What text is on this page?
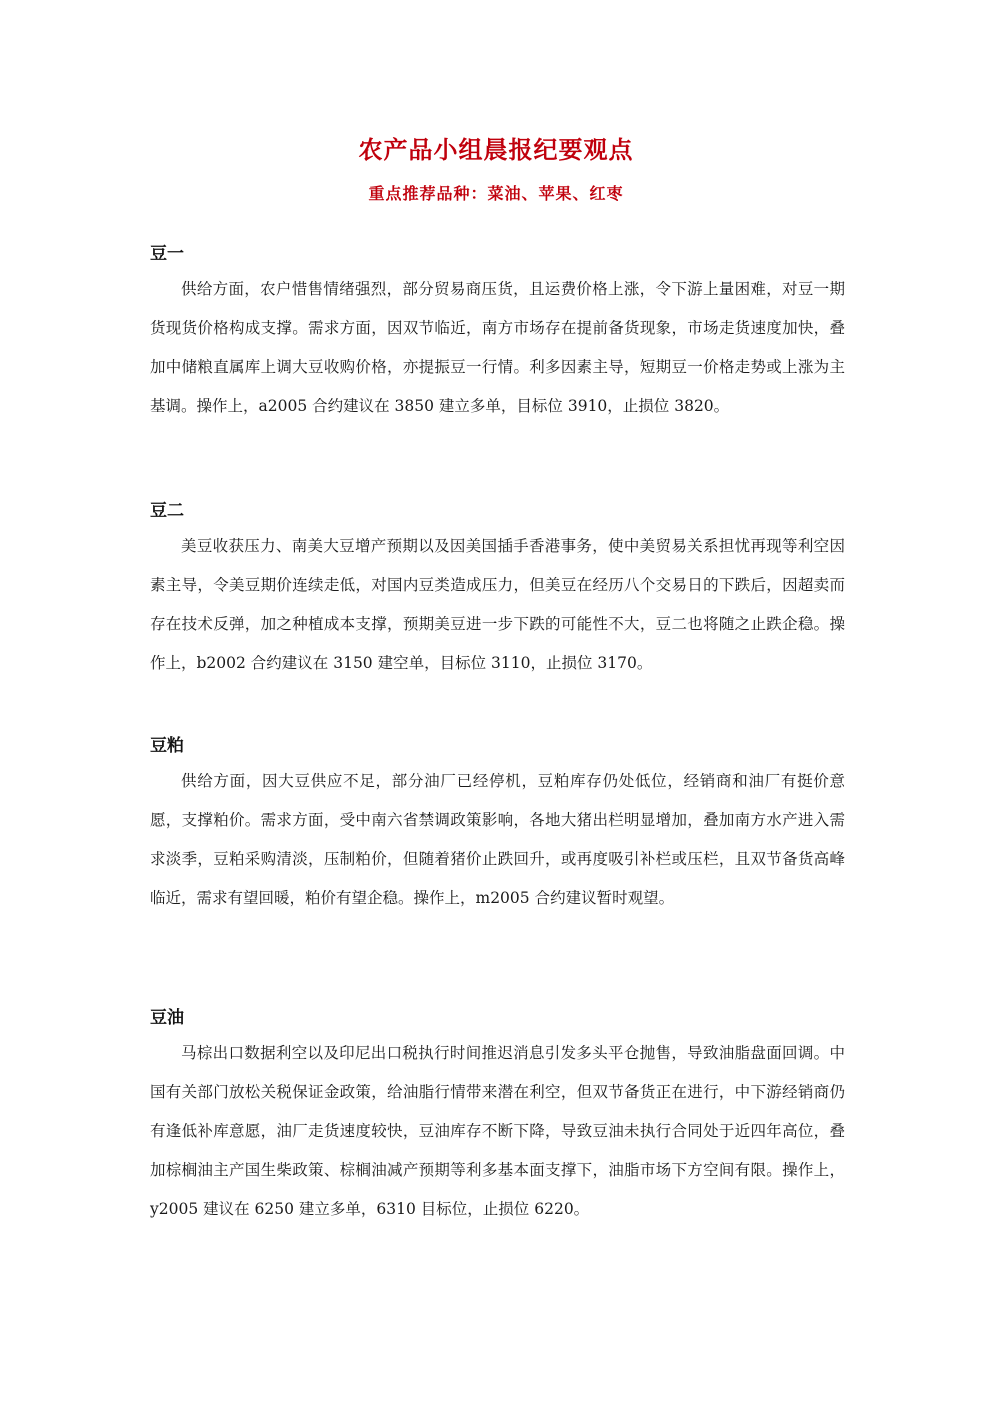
农产品小组晨报纪要观点
重点推荐品种：菜油、苹果、红枣
豆一

供给方面，农户惜售情绪强烈，部分贸易商压货，且运费价格上涨，令下游上量困难，对豆一期货现货价格构成支撑。需求方面，因双节临近，南方市场存在提前备货现象，市场走货速度加快，叠加中储粮直属库上调大豆收购价格，亦提振豆一行情。利多因素主导，短期豆一价格走势或上涨为主基调。操作上，a2005 合约建议在 3850 建立多单，目标位 3910，止损位 3820。

豆二

美豆收获压力、南美大豆增产预期以及因美国插手香港事务，使中美贸易关系担忧再现等利空因素主导，令美豆期价连续走低，对国内豆类造成压力，但美豆在经历八个交易日的下跌后，因超卖而存在技术反弹，加之种植成本支撑，预期美豆进一步下跌的可能性不大，豆二也将随之止跌企稳。操作上，b2002 合约建议在 3150 建空单，目标位 3110，止损位 3170。

豆粕

供给方面，因大豆供应不足，部分油厂已经停机，豆粕库存仍处低位，经销商和油厂有挺价意愿，支撑粕价。需求方面，受中南六省禁调政策影响，各地大猪出栏明显增加，叠加南方水产进入需求淡季，豆粕采购清淡，压制粕价，但随着猪价止跌回升，或再度吸引补栏或压栏，且双节备货高峰临近，需求有望回暖，粕价有望企稳。操作上，m2005 合约建议暂时观望。

豆油

马棕出口数据利空以及印尼出口税执行时间推迟消息引发多头平仓抛售，导致油脂盘面回调。中国有关部门放松关税保证金政策，给油脂行情带来潜在利空，但双节备货正在进行，中下游经销商仍有逢低补库意愿，油厂走货速度较快，豆油库存不断下降，导致豆油未执行合同处于近四年高位，叠加棕榈油主产国生柴政策、棕榈油减产预期等利多基本面支撑下，油脂市场下方空间有限。操作上，y2005 建议在 6250 建立多单，6310 目标位，止损位 6220。
